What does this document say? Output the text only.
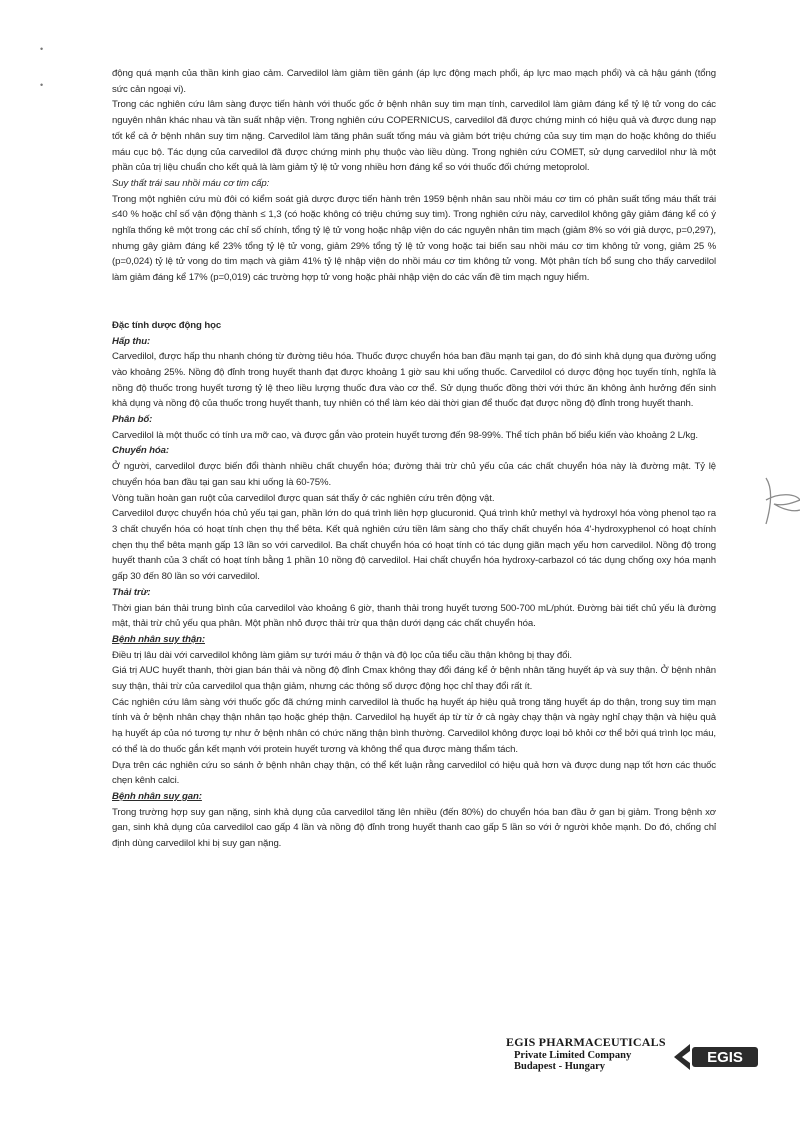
•
•

động quá mạnh của thần kinh giao cảm. Carvedilol làm giảm tiền gánh (áp lực động mạch phổi, áp lực mao mạch phổi) và cả hậu gánh (tổng sức cản ngoại vi).

Trong các nghiên cứu lâm sàng được tiến hành với thuốc gốc ở bệnh nhân suy tim mạn tính, carvedilol làm giảm đáng kể tỷ lệ tử vong do các nguyên nhân khác nhau và tần suất nhập viện. Trong nghiên cứu COPERNICUS, carvedilol đã được chứng minh có hiệu quả và được dung nạp tốt kể cả ở bệnh nhân suy tim nặng. Carvedilol làm tăng phân suất tống máu và giảm bớt triệu chứng của suy tim mạn do hoặc không do thiếu máu cục bộ. Tác dụng của carvedilol đã được chứng minh phụ thuộc vào liều dùng. Trong nghiên cứu COMET, sử dụng carvedilol như là một phần của trị liệu chuẩn cho kết quả là làm giảm tỷ lệ tử vong nhiều hơn đáng kể so với thuốc đối chứng metoprolol.

Suy thất trái sau nhồi máu cơ tim cấp:

Trong một nghiên cứu mù đôi có kiểm soát giả dược được tiến hành trên 1959 bệnh nhân sau nhồi máu cơ tim có phân suất tống máu thất trái ≤40 % hoặc chỉ số vận động thành ≤ 1,3 (có hoặc không có triệu chứng suy tim). Trong nghiên cứu này, carvedilol không gây giảm đáng kể có ý nghĩa thống kê một trong các chỉ số chính, tổng tỷ lệ tử vong hoặc nhập viện do các nguyên nhân tim mạch (giảm 8% so với giả dược, p=0,297), nhưng gây giảm đáng kể 23% tổng tỷ lệ tử vong, giảm 29% tổng tỷ lệ tử vong hoặc tai biến sau nhồi máu cơ tim không tử vong, giảm 25 % (p=0,024) tỷ lệ tử vong do tim mạch và giảm 41% tỷ lệ nhập viện do nhồi máu cơ tim không tử vong. Một phân tích bổ sung cho thấy carvedilol làm giảm đáng kể 17% (p=0,019) các trường hợp tử vong hoặc phải nhập viện do các vấn đề tim mạch nguy hiểm.

Đặc tính dược động học

Hấp thu:

Carvedilol, được hấp thu nhanh chóng từ đường tiêu hóa. Thuốc được chuyển hóa ban đầu mạnh tại gan, do đó sinh khả dụng qua đường uống vào khoảng 25%. Nồng độ đỉnh trong huyết thanh đạt được khoảng 1 giờ sau khi uống thuốc. Carvedilol có dược động học tuyến tính, nghĩa là nồng độ thuốc trong huyết tương tỷ lệ theo liều lượng thuốc đưa vào cơ thể. Sử dụng thuốc đồng thời với thức ăn không ảnh hưởng đến sinh khả dụng và nồng độ của thuốc trong huyết thanh, tuy nhiên có thể làm kéo dài thời gian để thuốc đạt được nồng độ đỉnh trong huyết thanh.

Phân bố:

Carvedilol là một thuốc có tính ưa mỡ cao, và được gắn vào protein huyết tương đến 98-99%. Thể tích phân bố biểu kiến vào khoảng 2 L/kg.

Chuyển hóa:

Ở người, carvedilol được biến đổi thành nhiều chất chuyển hóa; đường thải trừ chủ yếu của các chất chuyển hóa này là đường mật. Tỷ lệ chuyển hóa ban đầu tại gan sau khi uống là 60-75%.

Vòng tuần hoàn gan ruột của carvedilol được quan sát thấy ở các nghiên cứu trên động vật.

Carvedilol được chuyển hóa chủ yếu tại gan, phần lớn do quá trình liên hợp glucuronid. Quá trình khử methyl và hydroxyl hóa vòng phenol tạo ra 3 chất chuyển hóa có hoạt tính chẹn thụ thể bêta. Kết quả nghiên cứu tiền lâm sàng cho thấy chất chuyển hóa 4'-hydroxyphenol có hoạt chính chẹn thụ thể bêta mạnh gấp 13 lần so với carvedilol. Ba chất chuyển hóa có hoạt tính có tác dụng giãn mạch yếu hơn carvedilol. Nồng độ trong huyết thanh của 3 chất có hoạt tính bằng 1 phần 10 nồng độ carvedilol. Hai chất chuyển hóa hydroxy-carbazol có tác dụng chống oxy hóa mạnh gấp 30 đến 80 lần so với carvedilol.

Thải trừ:

Thời gian bán thải trung bình của carvedilol vào khoảng 6 giờ, thanh thải trong huyết tương 500-700 mL/phút. Đường bài tiết chủ yếu là đường mật, thải trừ chủ yếu qua phân. Một phần nhỏ được thải trừ qua thận dưới dạng các chất chuyển hóa.

Bệnh nhân suy thận:

Điều trị lâu dài với carvedilol không làm giảm sự tưới máu ở thận và độ lọc của tiểu cầu thận không bị thay đổi.

Giá trị AUC huyết thanh, thời gian bán thải và nồng độ đỉnh Cmax không thay đổi đáng kể ở bệnh nhân tăng huyết áp và suy thận. Ở bệnh nhân suy thận, thải trừ của carvedilol qua thận giảm, nhưng các thông số dược động học chỉ thay đổi rất ít.

Các nghiên cứu lâm sàng với thuốc gốc đã chứng minh carvedilol là thuốc hạ huyết áp hiệu quả trong tăng huyết áp do thận, trong suy tim mạn tính và ở bệnh nhân chạy thận nhân tạo hoặc ghép thận. Carvedilol hạ huyết áp từ từ ở cả ngày chạy thận và ngày nghỉ chạy thận và hiệu quả hạ huyết áp của nó tương tự như ở bệnh nhân có chức năng thận bình thường. Carvedilol không được loại bỏ khỏi cơ thể bởi quá trình lọc máu, có thể là do thuốc gắn kết mạnh với protein huyết tương và không thể qua được màng thẩm tách.

Dựa trên các nghiên cứu so sánh ở bệnh nhân chạy thận, có thể kết luận rằng carvedilol có hiệu quả hơn và được dung nạp tốt hơn các thuốc chẹn kênh calci.

Bệnh nhân suy gan:

Trong trường hợp suy gan nặng, sinh khả dụng của carvedilol tăng lên nhiều (đến 80%) do chuyển hóa ban đầu ở gan bị giảm. Trong bệnh xơ gan, sinh khả dụng của carvedilol cao gấp 4 lần và nồng độ đỉnh trong huyết thanh cao gấp 5 lần so với ở người khỏe mạnh. Do đó, chống chỉ định dùng carvedilol khi bị suy gan nặng.

EGIS PHARMACEUTICALS
Private Limited Company
Budapest - Hungary
EGIS
